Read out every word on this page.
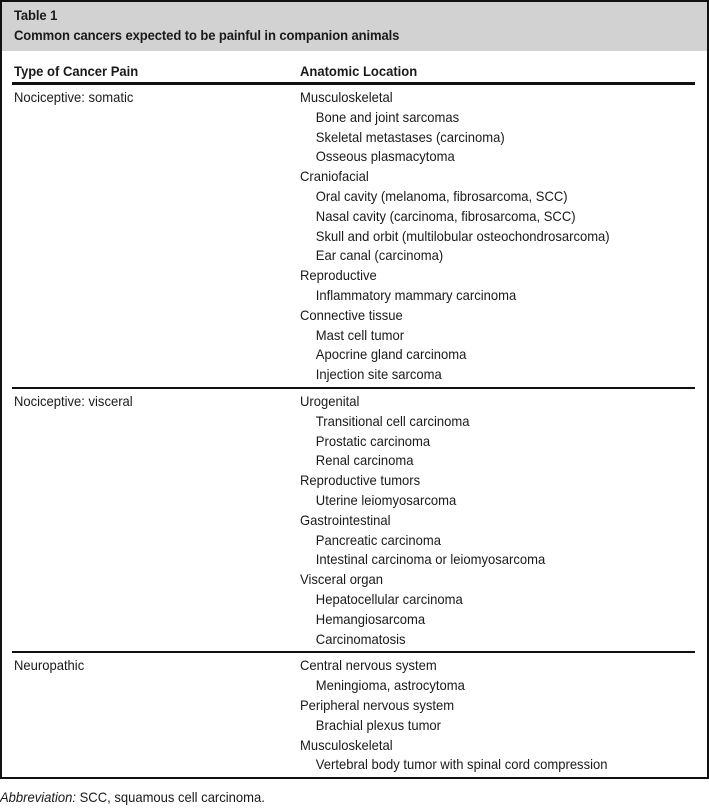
Table 1
Common cancers expected to be painful in companion animals
Type of Cancer Pain	Anatomic Location
Nociceptive: somatic	Musculoskeletal
Bone and joint sarcomas
Skeletal metastases (carcinoma)
Osseous plasmacytoma
Craniofacial
Oral cavity (melanoma, fibrosarcoma, SCC)
Nasal cavity (carcinoma, fibrosarcoma, SCC)
Skull and orbit (multilobular osteochondrosarcoma)
Ear canal (carcinoma)
Reproductive
Inflammatory mammary carcinoma
Connective tissue
Mast cell tumor
Apocrine gland carcinoma
Injection site sarcoma
Nociceptive: visceral	Urogenital
Transitional cell carcinoma
Prostatic carcinoma
Renal carcinoma
Reproductive tumors
Uterine leiomyosarcoma
Gastrointestinal
Pancreatic carcinoma
Intestinal carcinoma or leiomyosarcoma
Visceral organ
Hepatocellular carcinoma
Hemangiosarcoma
Carcinomatosis
Neuropathic	Central nervous system
Meningioma, astrocytoma
Peripheral nervous system
Brachial plexus tumor
Musculoskeletal
Vertebral body tumor with spinal cord compression
Abbreviation: SCC, squamous cell carcinoma.
